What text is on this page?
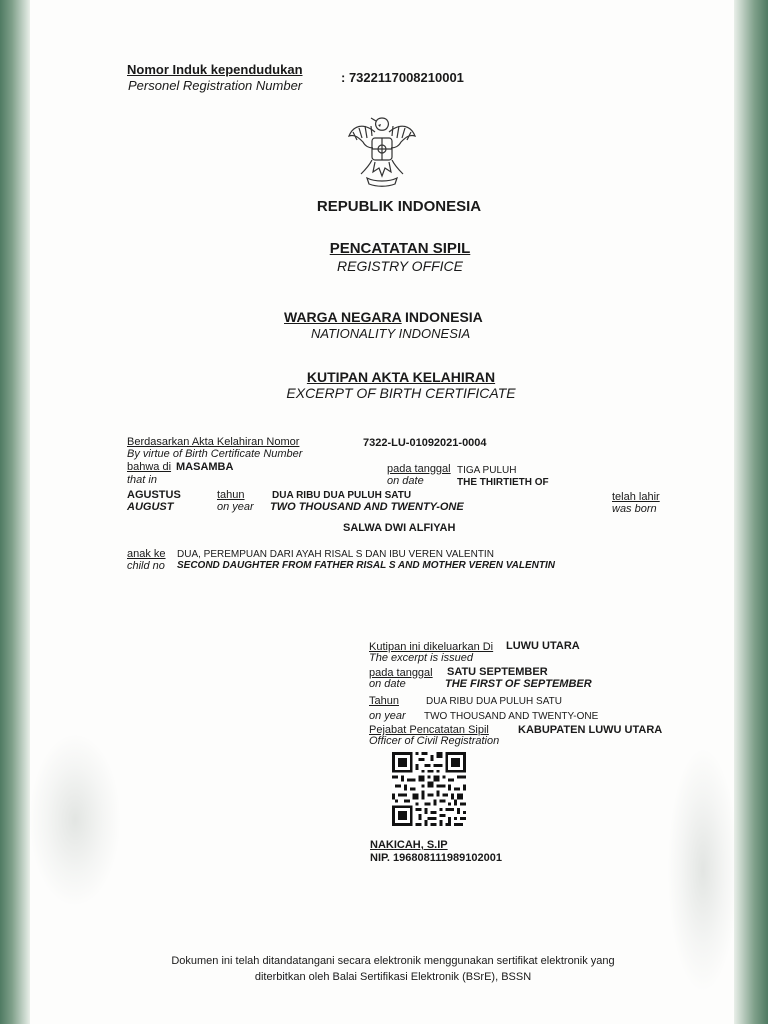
Nomor Induk kependudukan
Personel Registration Number
: 7322117008210001
REPUBLIK INDONESIA
PENCATATAN SIPIL
REGISTRY OFFICE
WARGA NEGARA INDONESIA
NATIONALITY INDONESIA
KUTIPAN AKTA KELAHIRAN
EXCERPT OF BIRTH CERTIFICATE
Berdasarkan Akta Kelahiran Nomor
By virtue of Birth Certificate Number
7322-LU-01092021-0004
bahwa di MASAMBA
that in
pada tanggal
on date
TIGA PULUH
THE THIRTIETH OF
AGUSTUS
AUGUST
tahun
on year
DUA RIBU DUA PULUH SATU
TWO THOUSAND AND TWENTY-ONE
telah lahir
was born
SALWA DWI ALFIYAH
anak ke
child no
DUA, PEREMPUAN DARI AYAH RISAL S DAN IBU VEREN VALENTIN
SECOND DAUGHTER FROM FATHER RISAL S AND MOTHER VEREN VALENTIN
Kutipan ini dikeluarkan Di LUWU UTARA
The excerpt is issued
pada tanggal SATU SEPTEMBER
on date	THE FIRST OF SEPTEMBER
Tahun	DUA RIBU DUA PULUH SATU
on year TWO THOUSAND AND TWENTY-ONE
Pejabat Pencatatan Sipil	KABUPATEN LUWU UTARA
Officer of Civil Registration
NAKICAH, S.IP
NIP. 196808111989102001
Dokumen ini telah ditandatangani secara elektronik menggunakan sertifikat elektronik yang
diterbitkan oleh Balai Sertifikasi Elektronik (BSrE), BSSN
